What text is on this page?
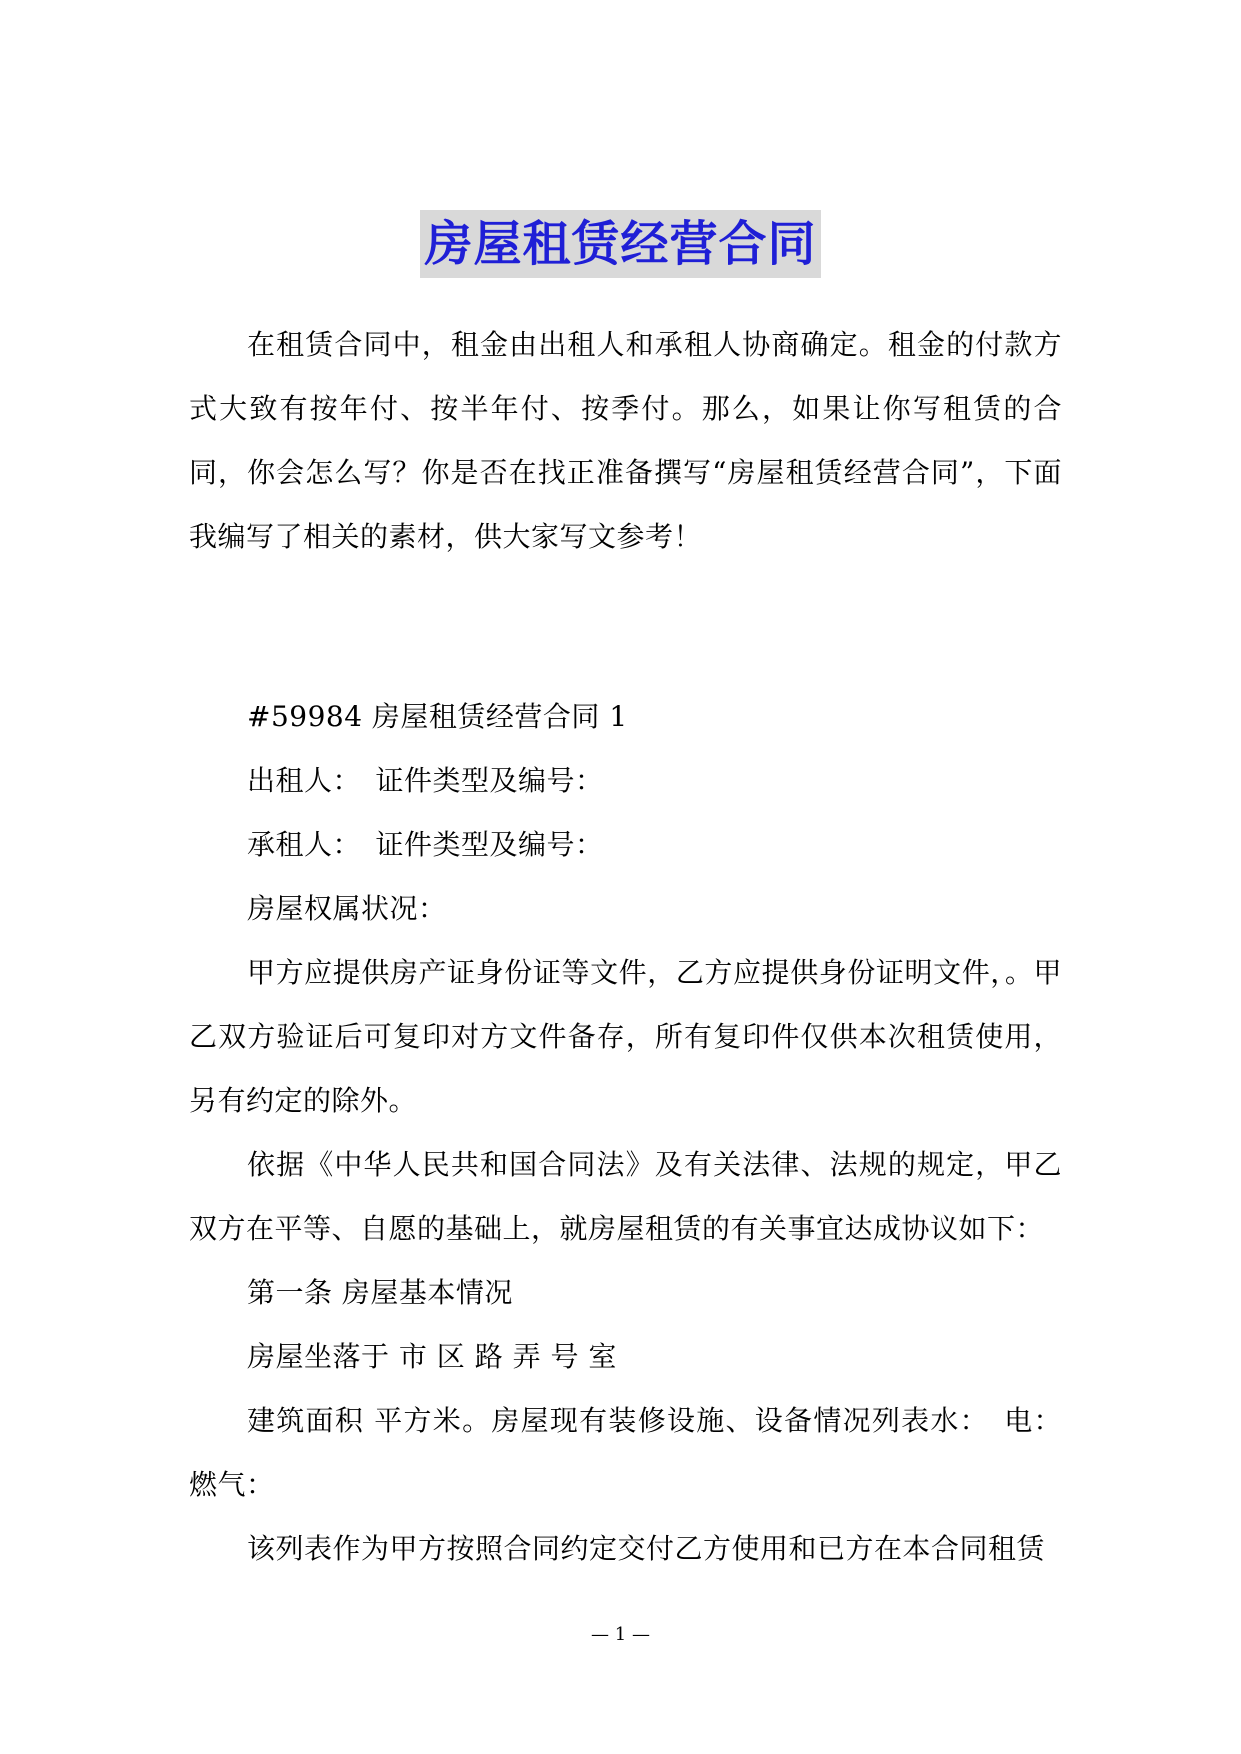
房屋租赁经营合同

在租赁合同中，租金由出租人和承租人协商确定。租金的付款方式大致有按年付、按半年付、按季付。那么，如果让你写租赁的合同，你会怎么写？你是否在找正准备撰写“房屋租赁经营合同”，下面我编写了相关的素材，供大家写文参考！

#59984 房屋租赁经营合同 1

出租人：　证件类型及编号：

承租人：　证件类型及编号：

房屋权属状况：

甲方应提供房产证身份证等文件，乙方应提供身份证明文件，。甲乙双方验证后可复印对方文件备存，所有复印件仅供本次租赁使用，另有约定的除外。

依据《中华人民共和国合同法》及有关法律、法规的规定，甲乙双方在平等、自愿的基础上，就房屋租赁的有关事宜达成协议如下：

第一条 房屋基本情况

房屋坐落于 市 区 路 弄 号 室

建筑面积 平方米。房屋现有装修设施、设备情况列表水：　电：燃气：

该列表作为甲方按照合同约定交付乙方使用和已方在本合同租赁

— 1 —
